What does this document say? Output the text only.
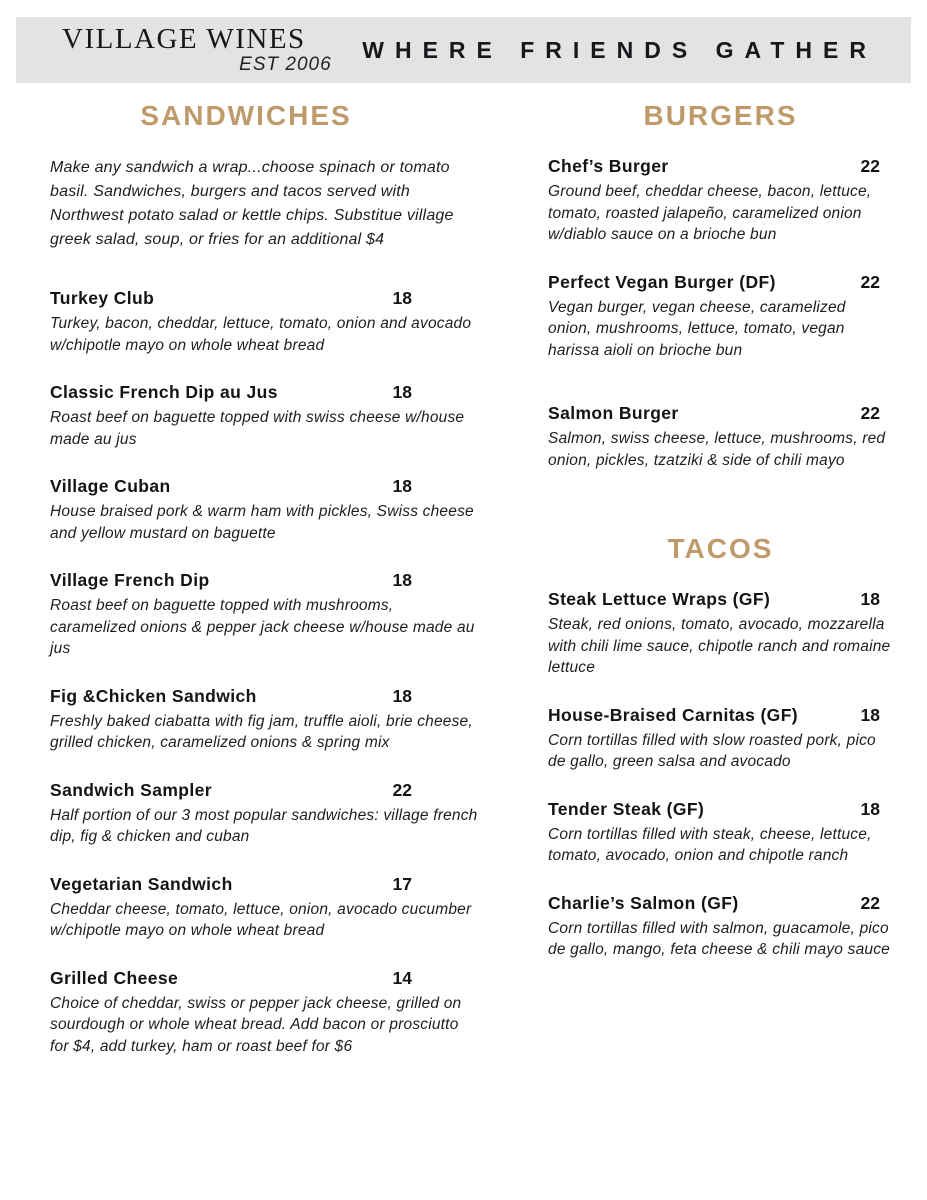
VILLAGE WINES
EST 2006
WHERE FRIENDS GATHER
SANDWICHES

Make any sandwich a wrap...choose spinach or tomato basil. Sandwiches, burgers and tacos served with Northwest potato salad or kettle chips. Substitue village greek salad, soup, or fries for an additional $4

Turkey Club	18

Turkey, bacon, cheddar, lettuce, tomato, onion and avocado w/chipotle mayo on whole wheat bread

Classic French Dip au Jus	18

Roast beef on baguette topped with swiss cheese w/house made au jus

Village Cuban	18

House braised pork & warm ham with pickles, Swiss cheese and yellow mustard on baguette

Village French Dip	18

Roast beef on baguette topped with mushrooms, caramelized onions & pepper jack cheese w/house made au jus

Fig &Chicken Sandwich	18

Freshly baked ciabatta with fig jam, truffle aioli, brie cheese, grilled chicken, caramelized onions & spring mix

Sandwich Sampler	22

Half portion of our 3 most popular sandwiches: village french dip, fig & chicken and cuban

Vegetarian Sandwich	17

Cheddar cheese, tomato, lettuce, onion, avocado cucumber w/chipotle mayo on whole wheat bread

Grilled Cheese	14

Choice of cheddar, swiss or pepper jack cheese, grilled on sourdough or whole wheat bread. Add bacon or prosciutto for $4, add turkey, ham or roast beef for $6

BURGERS
Chef’s Burger	22

Ground beef, cheddar cheese, bacon, lettuce, tomato, roasted jalapeño, caramelized onion w/diablo sauce on a brioche bun

Perfect Vegan Burger (DF)	22

Vegan burger, vegan cheese, caramelized onion, mushrooms, lettuce, tomato, vegan harissa aioli on brioche bun

Salmon Burger	22

Salmon, swiss cheese, lettuce, mushrooms, red onion, pickles, tzatziki & side of chili mayo

TACOS
Steak Lettuce Wraps (GF)	18

Steak, red onions, tomato, avocado, mozzarella with chili lime sauce, chipotle ranch and romaine lettuce

House-Braised Carnitas (GF)	18

Corn tortillas filled with slow roasted pork, pico de gallo, green salsa and avocado

Tender Steak (GF)	18

Corn tortillas filled with steak, cheese, lettuce, tomato, avocado, onion and chipotle ranch

Charlie’s Salmon (GF)	22

Corn tortillas filled with salmon, guacamole, pico de gallo, mango, feta cheese & chili mayo sauce
